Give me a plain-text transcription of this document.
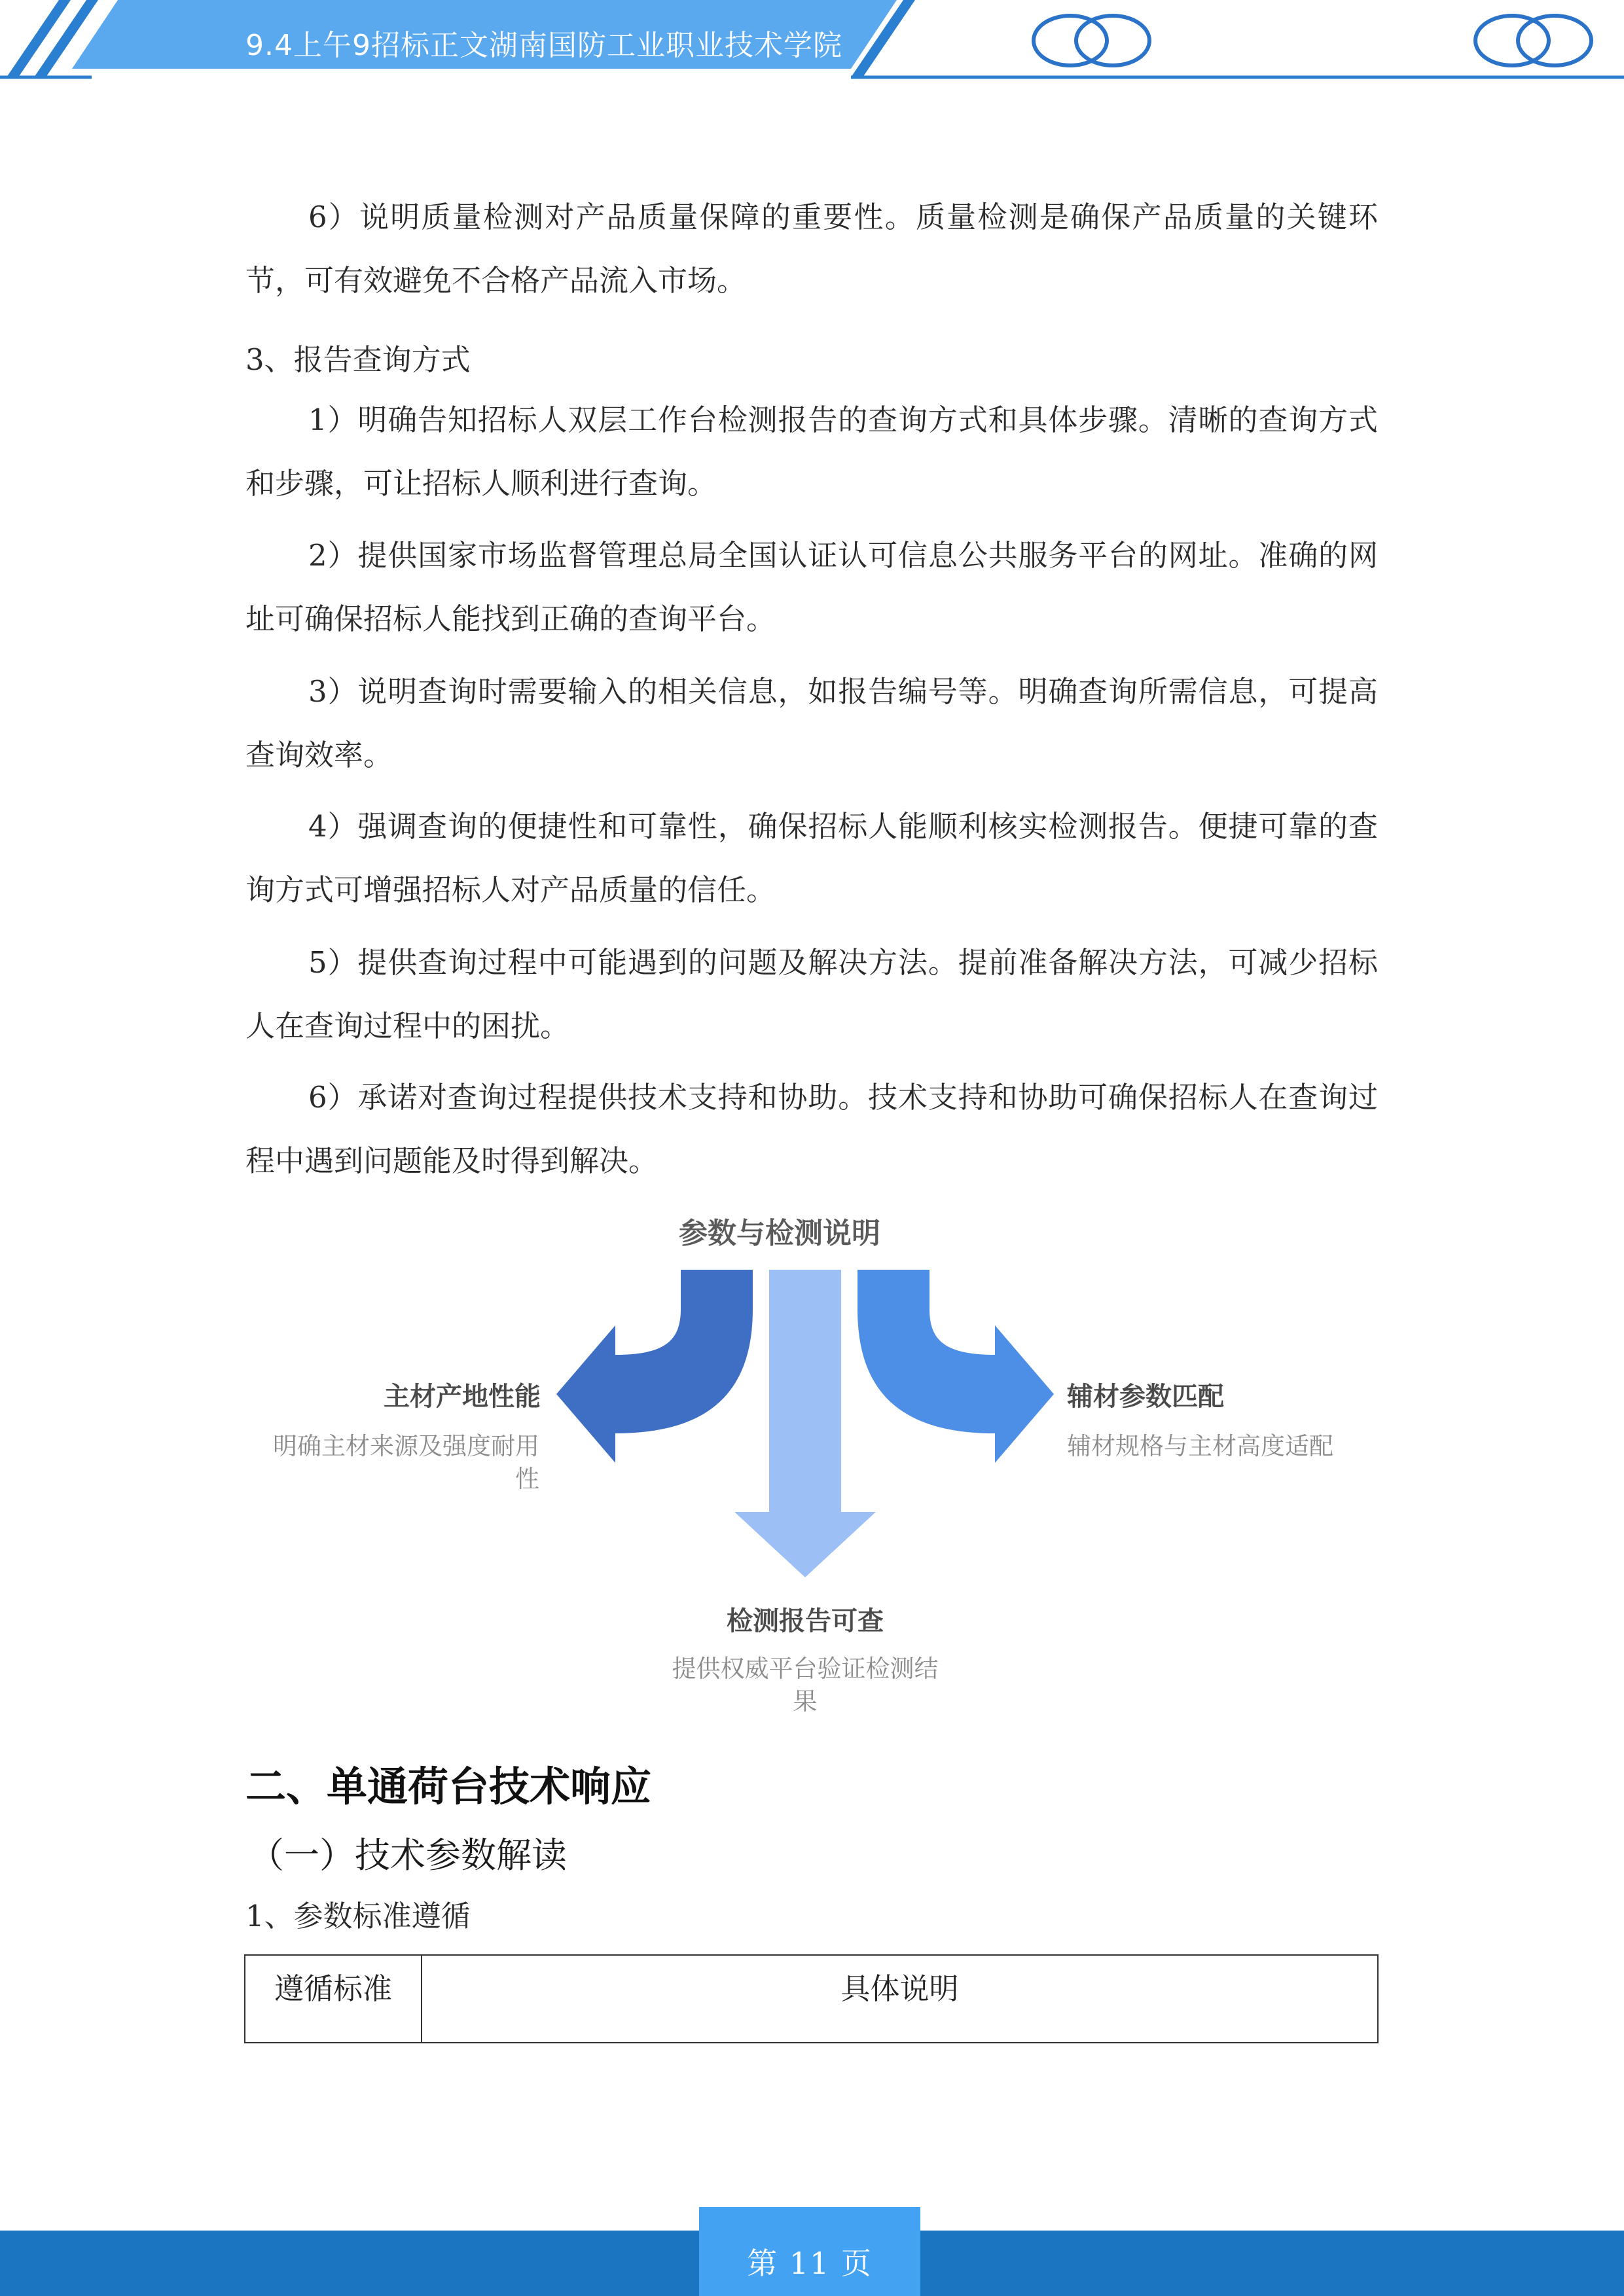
9.4上午9招标正文湖南国防工业职业技术学院

6）说明质量检测对产品质量保障的重要性。质量检测是确保产品质量的关键环节，可有效避免不合格产品流入市场。

3、报告查询方式

1）明确告知招标人双层工作台检测报告的查询方式和具体步骤。清晰的查询方式和步骤，可让招标人顺利进行查询。

2）提供国家市场监督管理总局全国认证认可信息公共服务平台的网址。准确的网址可确保招标人能找到正确的查询平台。

3）说明查询时需要输入的相关信息，如报告编号等。明确查询所需信息，可提高查询效率。

4）强调查询的便捷性和可靠性，确保招标人能顺利核实检测报告。便捷可靠的查询方式可增强招标人对产品质量的信任。

5）提供查询过程中可能遇到的问题及解决方法。提前准备解决方法，可减少招标人在查询过程中的困扰。

6）承诺对查询过程提供技术支持和协助。技术支持和协助可确保招标人在查询过程中遇到问题能及时得到解决。

参数与检测说明
主材产地性能
明确主材来源及强度耐用性
辅材参数匹配
辅材规格与主材高度适配
检测报告可查
提供权威平台验证检测结果
二、单通荷台技术响应
（一）技术参数解读
1、参数标准遵循
遵循标准	具体说明
第 11 页
